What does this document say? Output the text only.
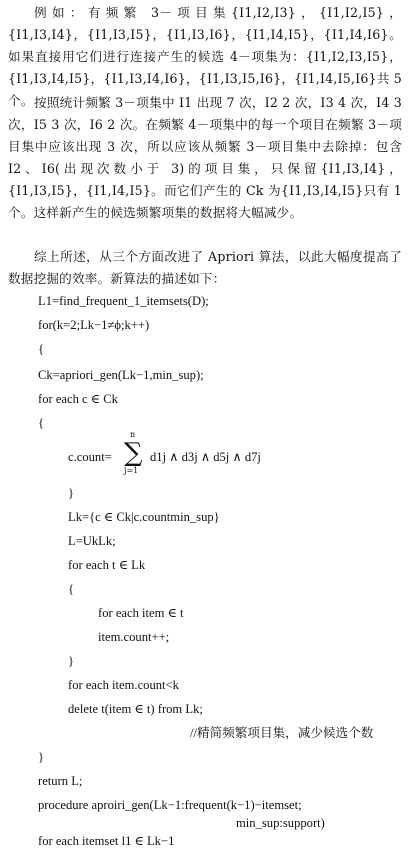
例如：有频繁 3－项目集{I1,I2,I3}，{I1,I2,I5}，{I1,I3,I4}，{I1,I3,I5}，{I1,I3,I6}，{I1,I4,I5}，{I1,I4,I6}。如果直接用它们进行连接产生的候选 4－项集为：{I1,I2,I3,I5}，{I1,I3,I4,I5}，{I1,I3,I4,I6}，{I1,I3,I5,I6}，{I1,I4,I5,I6}共 5 个。 按照统计频繁 3－项集中 I1 出现 7 次，I2 2 次，I3 4 次，I4 3 次，I5 3 次，I6 2 次。在频繁 4－项集中的每一个项目在频繁 3－项目集中应该出现 3 次，所以应该从频繁 3－项目集中去除掉：包含 I2、I6(出现次数小于 3)的项目集，只保留{I1,I3,I4}，{I1,I3,I5}，{I1,I4,I5}。而它们产生的 Ck 为{I1,I3,I4,I5}只有 1 个。这样新产生的候选频繁项集的数据将大幅减少。
综上所述，从三个方面改进了 Apriori 算法，以此大幅度提高了数据挖掘的效率。新算法的描述如下：
L1=find_frequent_1_itemsets(D);
for(k=2;Lk−1≠ϕ;k++)
{
Ck=apriori_gen(Lk−1,min_sup);
for each c ∈ Ck
{
c.count=
n
∑
j=1
d1j ∧ d3j ∧ d5j ∧ d7j
}
Lk={c ∈ Ck|c.countmin_sup}
L=UkLk;
for each t ∈ Lk
{
for each item ∈ t
item.count++;
}
for each item.count<k
delete t(item ∈ t) from Lk;
//精简频繁项目集，减少候选个数
}
return L;
procedure aproiri_gen(Lk−1:frequent(k−1)−itemset;
min_sup:support)
for each itemset l1 ∈ Lk−1
